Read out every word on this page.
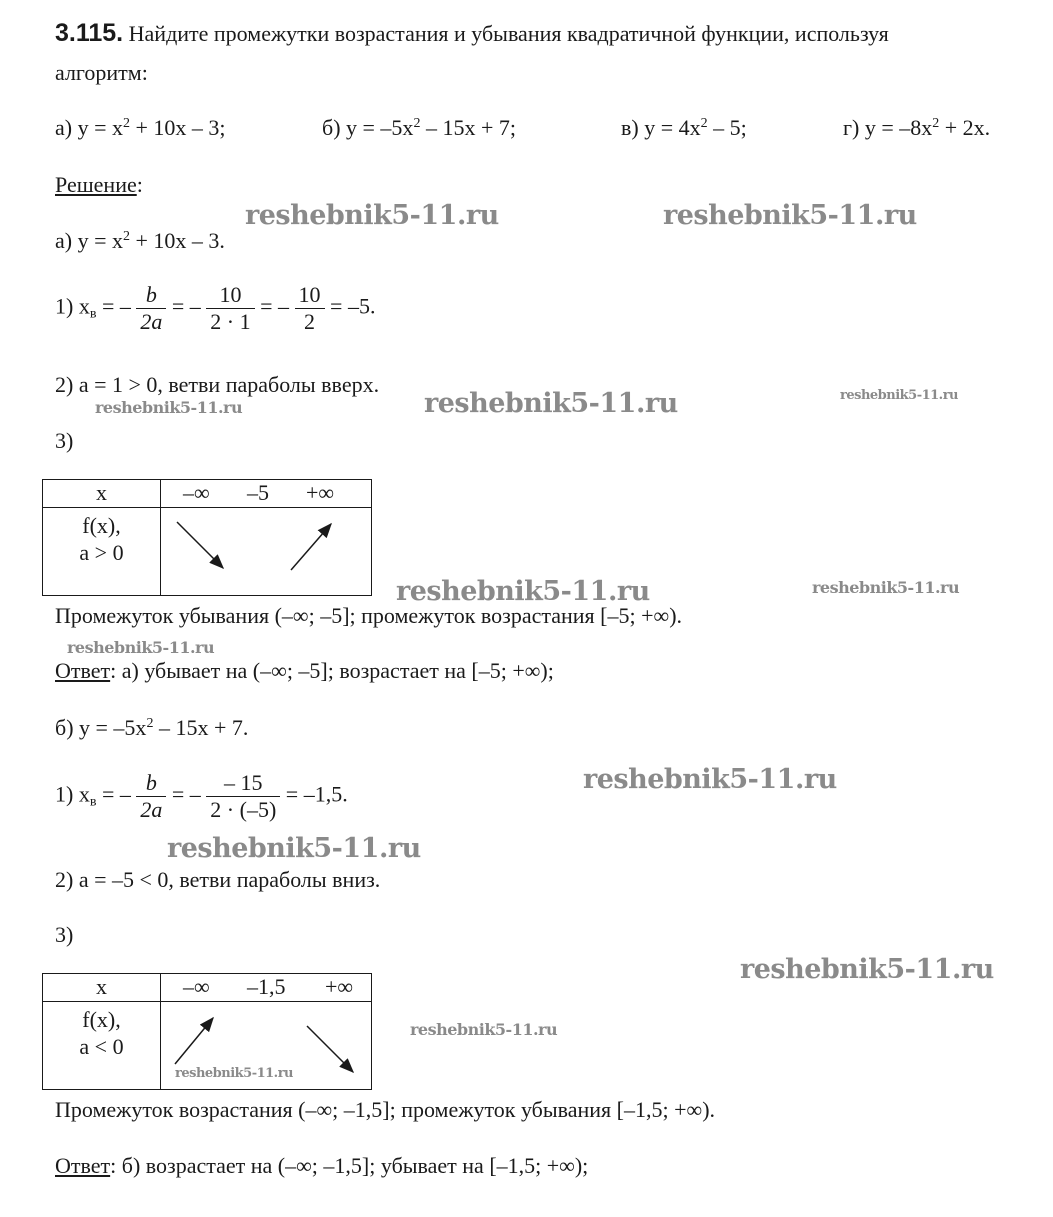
3.115. Найдите промежутки возрастания и убывания квадратичной функции, используя
алгоритм:
а) $y = x^2 + 10x - 3$;	б) $y = -5x^2 - 15x + 7$;	в) $y = 4x^2 - 5$;	г) $y = -8x^2 + 2x$.
Решение:
а) $y = x^2 + 10x - 3$.
1) $x_в$ = – $\frac{b}{2a}$ = – $\frac{10}{2 \cdot 1}$ = – $\frac{10}{2} = -5$.
2) a = 1 > 0, ветви параболы вверх.
3)
x	–∞ –5 +∞

f(x),
a > 0

Промежуток убывания (–∞; –5]; промежуток возрастания [–5; +∞).
Ответ: а) убывает на (–∞; –5]; возрастает на [–5; +∞);
б) $y = -5x^2 - 15x + 7$.
1) $x_в$ = – $\frac{b}{2a}$ = – $\frac{- 15}{2 \cdot (-5)} = -1,5$.
2) a = –5 < 0, ветви параболы вниз.
3)
x	–∞ –1,5 +∞

f(x),
a < 0	reshebnik5-11.ru
Промежуток возрастания (–∞; –1,5]; промежуток убывания [–1,5; +∞).
Ответ: б) возрастает на (–∞; –1,5]; убывает на [–1,5; +∞);
reshebnik5-11.ru	reshebnik5-11.ru
reshebnik5-11.ru	reshebnik5-11.ru	reshebnik5-11.ru
reshebnik5-11.ru	reshebnik5-11.ru
reshebnik5-11.ru
reshebnik5-11.ru
reshebnik5-11.ru
reshebnik5-11.ru
reshebnik5-11.ru
